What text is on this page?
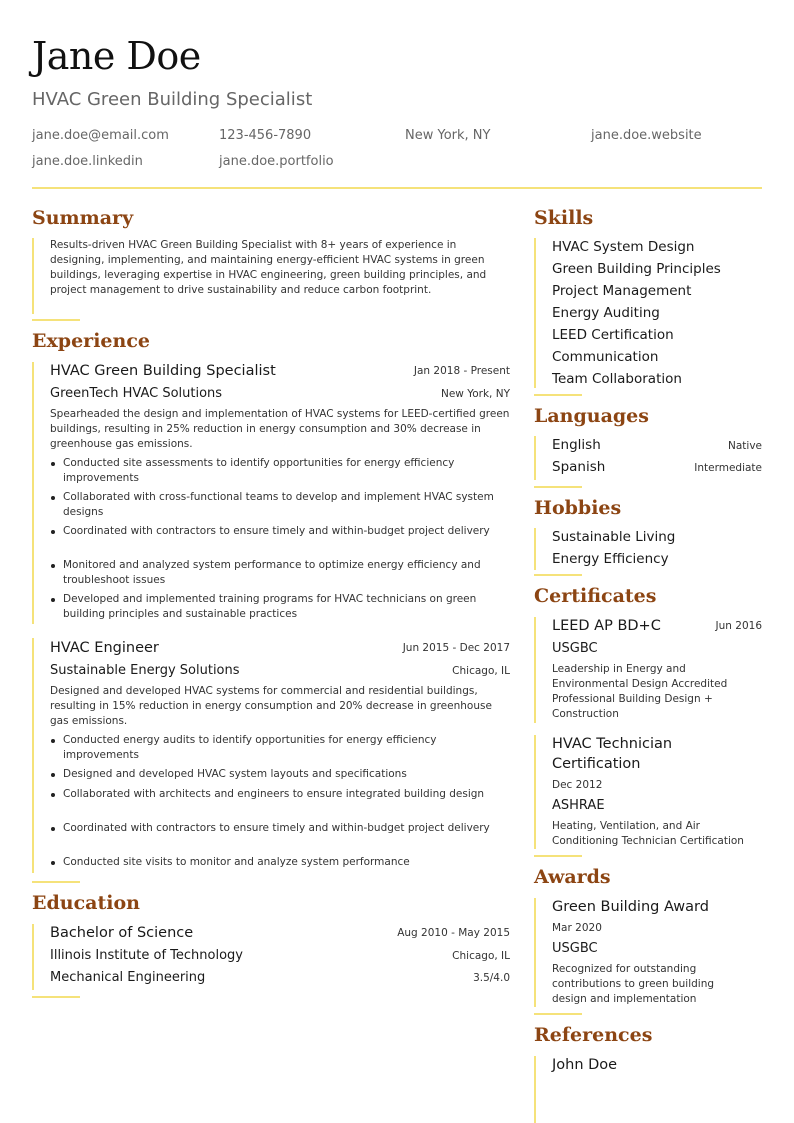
Jane Doe
HVAC Green Building Specialist
jane.doe@email.com	123-456-7890	New York, NY	jane.doe.website
jane.doe.linkedin	jane.doe.portfolio
Summary
Results-driven HVAC Green Building Specialist with 8+ years of experience in designing, implementing, and maintaining energy-efficient HVAC systems in green buildings, leveraging expertise in HVAC engineering, green building principles, and project management to drive sustainability and reduce carbon footprint.
Experience
HVAC Green Building Specialist	Jan 2018 - Present
GreenTech HVAC Solutions	New York, NY
Spearheaded the design and implementation of HVAC systems for LEED-certified green buildings, resulting in 25% reduction in energy consumption and 30% decrease in greenhouse gas emissions.
Conducted site assessments to identify opportunities for energy efficiency improvements
Collaborated with cross-functional teams to develop and implement HVAC system designs
Coordinated with contractors to ensure timely and within-budget project delivery
Monitored and analyzed system performance to optimize energy efficiency and troubleshoot issues
Developed and implemented training programs for HVAC technicians on green building principles and sustainable practices
HVAC Engineer	Jun 2015 - Dec 2017
Sustainable Energy Solutions	Chicago, IL
Designed and developed HVAC systems for commercial and residential buildings, resulting in 15% reduction in energy consumption and 20% decrease in greenhouse gas emissions.
Conducted energy audits to identify opportunities for energy efficiency improvements
Designed and developed HVAC system layouts and specifications
Collaborated with architects and engineers to ensure integrated building design
Coordinated with contractors to ensure timely and within-budget project delivery
Conducted site visits to monitor and analyze system performance
Education
Bachelor of Science	Aug 2010 - May 2015
Illinois Institute of Technology	Chicago, IL
Mechanical Engineering	3.5/4.0
Skills
HVAC System Design
Green Building Principles
Project Management
Energy Auditing
LEED Certification
Communication
Team Collaboration
Languages
English	Native
Spanish	Intermediate
Hobbies
Sustainable Living
Energy Efficiency
Certificates
LEED AP BD+C	Jun 2016
USGBC
Leadership in Energy and Environmental Design Accredited Professional Building Design + Construction
HVAC Technician
Certification
Dec 2012
ASHRAE
Heating, Ventilation, and Air Conditioning Technician Certification
Awards
Green Building Award
Mar 2020
USGBC
Recognized for outstanding contributions to green building design and implementation
References
John Doe
